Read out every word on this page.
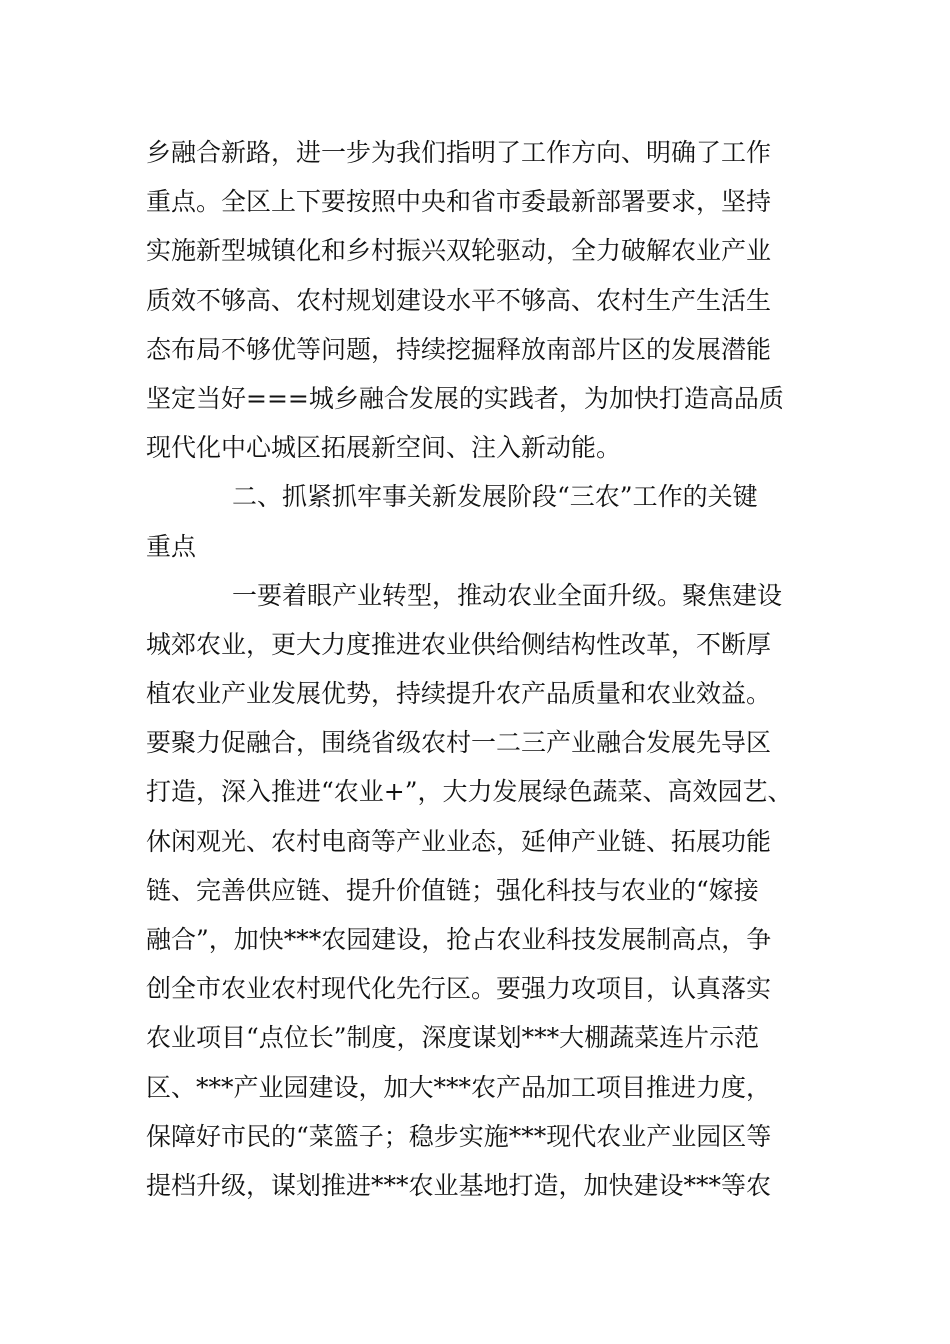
乡融合新路，进一步为我们指明了工作方向、明确了工作
重点。全区上下要按照中央和省市委最新部署要求，坚持
实施新型城镇化和乡村振兴双轮驱动，全力破解农业产业
质效不够高、农村规划建设水平不够高、农村生产生活生
态布局不够优等问题，持续挖掘释放南部片区的发展潜能
坚定当好===城乡融合发展的实践者，为加快打造高品质
现代化中心城区拓展新空间、注入新动能。
二、抓紧抓牢事关新发展阶段“三农”工作的关键
重点
一要着眼产业转型，推动农业全面升级。聚焦建设
城郊农业，更大力度推进农业供给侧结构性改革，不断厚
植农业产业发展优势，持续提升农产品质量和农业效益。
要聚力促融合，围绕省级农村一二三产业融合发展先导区
打造，深入推进“农业+”，大力发展绿色蔬菜、高效园艺、
休闲观光、农村电商等产业业态，延伸产业链、拓展功能
链、完善供应链、提升价值链；强化科技与农业的“嫁接
融合”，加快***农园建设，抢占农业科技发展制高点，争
创全市农业农村现代化先行区。要强力攻项目，认真落实
农业项目“点位长”制度，深度谋划***大棚蔬菜连片示范
区、***产业园建设，加大***农产品加工项目推进力度，
保障好市民的“菜篮子；稳步实施***现代农业产业园区等
提档升级，谋划推进***农业基地打造，加快建设***等农
